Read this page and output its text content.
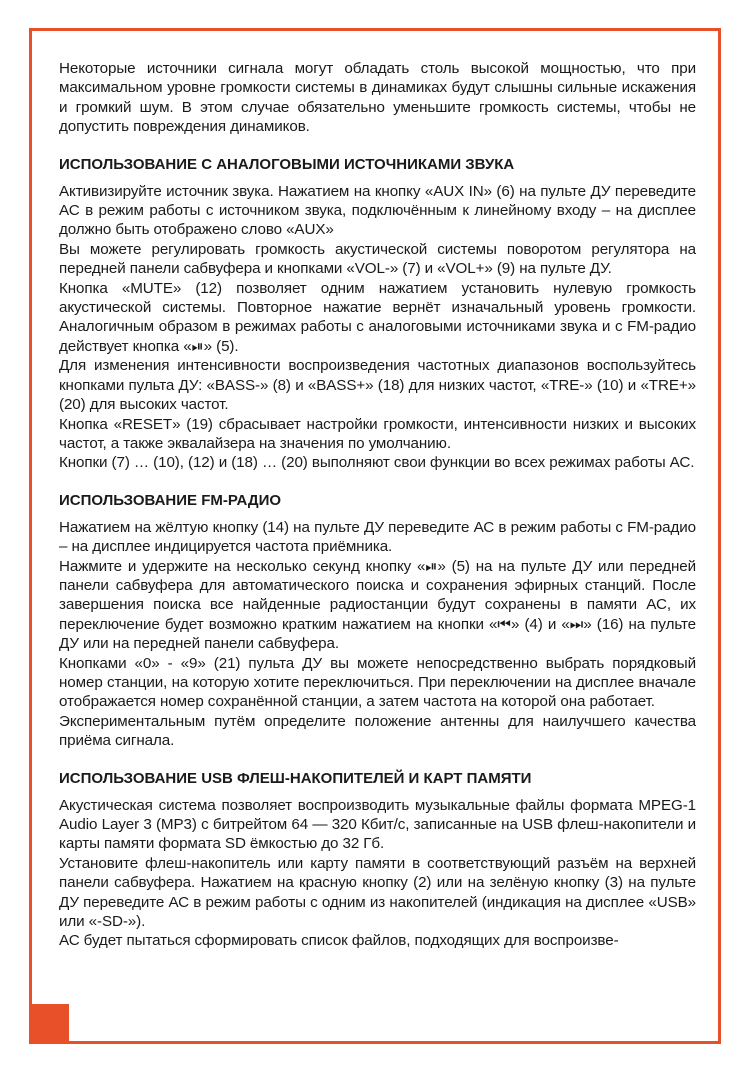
Некоторые источники сигнала могут обладать столь высокой мощностью, что при максимальном уровне громкости системы в динамиках будут слышны сильные искажения и громкий шум. В этом случае обязательно уменьшите громкость системы, чтобы не допустить повреждения динамиков.

ИСПОЛЬЗОВАНИЕ С АНАЛОГОВЫМИ ИСТОЧНИКАМИ ЗВУКА

Активизируйте источник звука. Нажатием на кнопку «AUX IN» (6) на пульте ДУ переведите АС в режим работы с источником звука, подключённым к линейному входу – на дисплее должно быть отображено слово «AUX»

Вы можете регулировать громкость акустической системы поворотом регулятора на передней панели сабвуфера и кнопками «VOL-» (7) и «VOL+» (9) на пульте ДУ.

Кнопка «MUTE» (12) позволяет одним нажатием установить нулевую громкость акустической системы. Повторное нажатие вернёт изначальный уровень громкости. Аналогичным образом в режимах работы с аналоговыми источниками звука и с FM-радио действует кнопка «⏯» (5).

Для изменения интенсивности воспроизведения частотных диапазонов воспользуйтесь кнопками пульта ДУ: «BASS-» (8) и «BASS+» (18) для низких частот, «TRE-» (10) и «TRE+» (20) для высоких частот.

Кнопка «RESET» (19) сбрасывает настройки громкости, интенсивности низких и высоких частот, а также эквалайзера на значения по умолчанию.

Кнопки (7) … (10), (12) и (18) … (20) выполняют свои функции во всех режимах работы АС.

ИСПОЛЬЗОВАНИЕ FM-РАДИО

Нажатием на жёлтую кнопку (14) на пульте ДУ переведите АС в режим работы с FM-радио – на дисплее индицируется частота приёмника.

Нажмите и удержите на несколько секунд кнопку «⏯» (5) на на пульте ДУ или передней панели сабвуфера для автоматического поиска и сохранения эфирных станций. После завершения поиска все найденные радиостанции будут сохранены в памяти АС, их переключение будет возможно кратким нажатием на кнопки «⏮» (4) и «⏭» (16) на пульте ДУ или на передней панели сабвуфера.

Кнопками «0» - «9» (21) пульта ДУ вы можете непосредственно выбрать порядковый номер станции, на которую хотите переключиться. При переключении на дисплее вначале отображается номер сохранённой станции, а затем частота на которой она работает.

Экспериментальным путём определите положение антенны для наилучшего качества приёма сигнала.

ИСПОЛЬЗОВАНИЕ USB ФЛЕШ-НАКОПИТЕЛЕЙ И КАРТ ПАМЯТИ

Акустическая система позволяет воспроизводить музыкальные файлы формата MPEG-1 Audio Layer 3 (MP3) с битрейтом 64 — 320 Кбит/с, записанные на USB флеш-накопители и карты памяти формата SD ёмкостью до 32 Гб.

Установите флеш-накопитель или карту памяти в соответствующий разъём на верхней панели сабвуфера. Нажатием на красную кнопку (2) или на зелёную кнопку (3) на пульте ДУ переведите АС в режим работы с одним из накопителей (индикация на дисплее «USB» или «-SD-»).

АС будет пытаться сформировать список файлов, подходящих для воспроизве-
